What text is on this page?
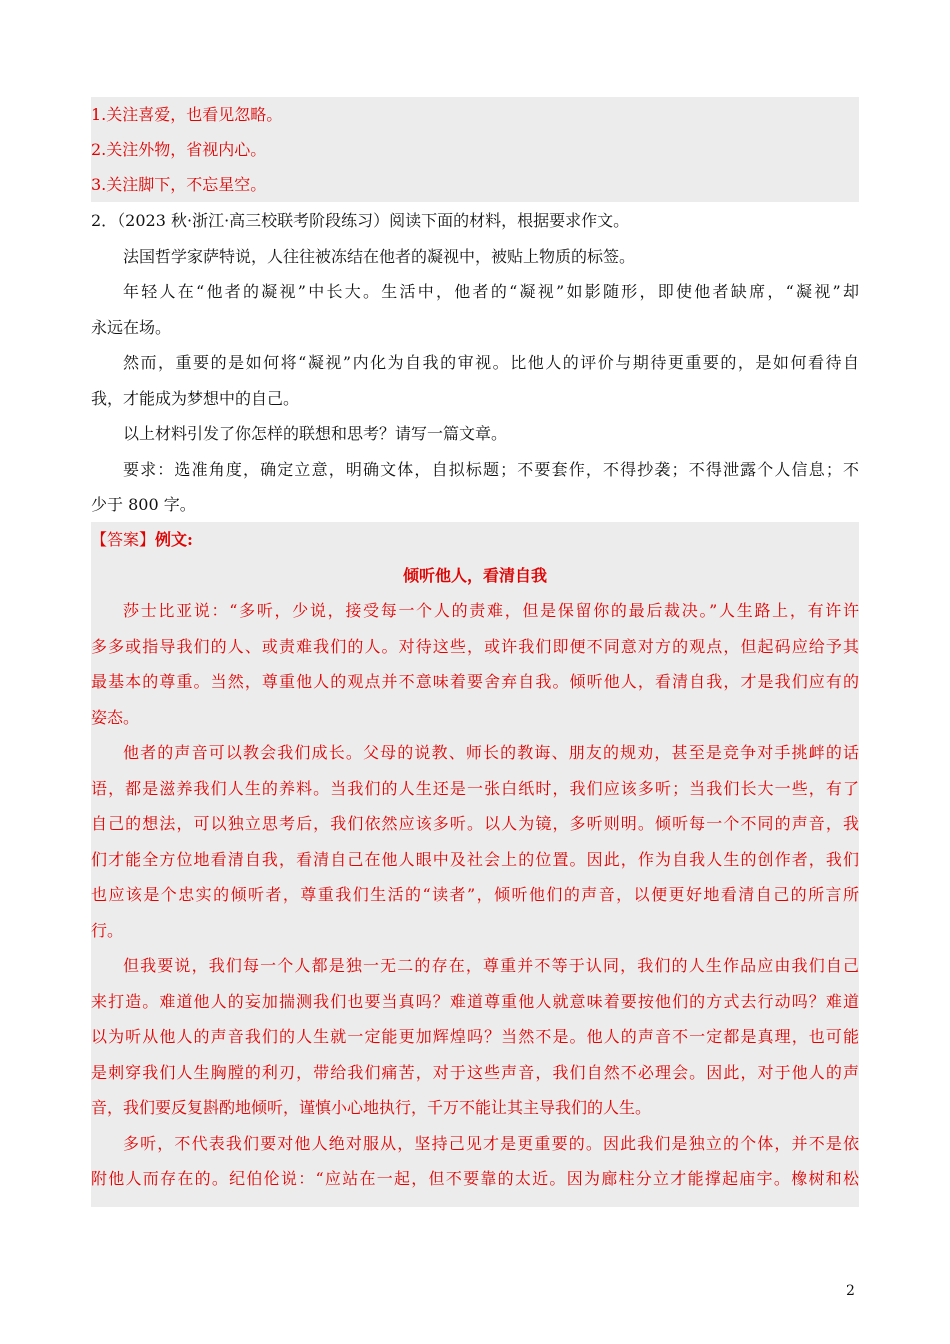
1.关注喜爱，也看见忽略。
2.关注外物，省视内心。
3.关注脚下，不忘星空。
2．（2023 秋·浙江·高三校联考阶段练习）阅读下面的材料，根据要求作文。
法国哲学家萨特说，人往往被冻结在他者的凝视中，被贴上物质的标签。
年轻人在“他者的凝视”中长大。生活中，他者的“凝视”如影随形，即使他者缺席，“凝视”却
永远在场。
然而，重要的是如何将“凝视”内化为自我的审视。比他人的评价与期待更重要的，是如何看待自
我，才能成为梦想中的自己。
以上材料引发了你怎样的联想和思考？请写一篇文章。
要求：选准角度，确定立意，明确文体，自拟标题；不要套作，不得抄袭；不得泄露个人信息；不
少于 800 字。
【答案】例文:
倾听他人，看清自我
莎士比亚说：“多听，少说，接受每一个人的责难，但是保留你的最后裁决。”人生路上，有许许
多多或指导我们的人、或责难我们的人。对待这些，或许我们即便不同意对方的观点，但起码应给予其
最基本的尊重。当然，尊重他人的观点并不意味着要舍弃自我。倾听他人，看清自我，才是我们应有的
姿态。
他者的声音可以教会我们成长。父母的说教、师长的教诲、朋友的规劝，甚至是竞争对手挑衅的话
语，都是滋养我们人生的养料。当我们的人生还是一张白纸时，我们应该多听；当我们长大一些，有了
自己的想法，可以独立思考后，我们依然应该多听。以人为镜，多听则明。倾听每一个不同的声音，我
们才能全方位地看清自我，看清自己在他人眼中及社会上的位置。因此，作为自我人生的创作者，我们
也应该是个忠实的倾听者，尊重我们生活的“读者”，倾听他们的声音，以便更好地看清自己的所言所
行。
但我要说，我们每一个人都是独一无二的存在，尊重并不等于认同，我们的人生作品应由我们自己
来打造。难道他人的妄加揣测我们也要当真吗？难道尊重他人就意味着要按他们的方式去行动吗？难道
以为听从他人的声音我们的人生就一定能更加辉煌吗？当然不是。他人的声音不一定都是真理，也可能
是刺穿我们人生胸膛的利刃，带给我们痛苦，对于这些声音，我们自然不必理会。因此，对于他人的声
音，我们要反复斟酌地倾听，谨慎小心地执行，千万不能让其主导我们的人生。
多听，不代表我们要对他人绝对服从，坚持己见才是更重要的。因此我们是独立的个体，并不是依
附他人而存在的。纪伯伦说：“应站在一起，但不要靠的太近。因为廊柱分立才能撑起庙宇。橡树和松
2
